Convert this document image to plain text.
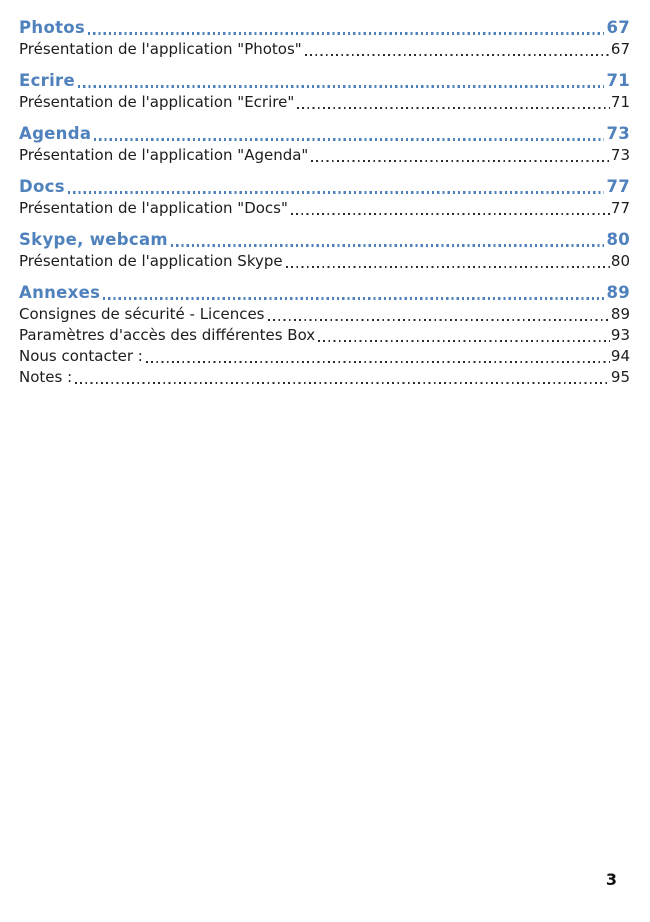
Photos	67
Présentation de l'application "Photos"	67
Ecrire	71
Présentation de l'application "Ecrire"	71
Agenda	73
Présentation de l'application "Agenda"	73
Docs	77
Présentation de l'application "Docs"	77
Skype, webcam	80
Présentation de l'application Skype	80
Annexes	89
Consignes de sécurité - Licences	89
Paramètres d'accès des différentes Box	93
Nous contacter :	94
Notes :	95
3
